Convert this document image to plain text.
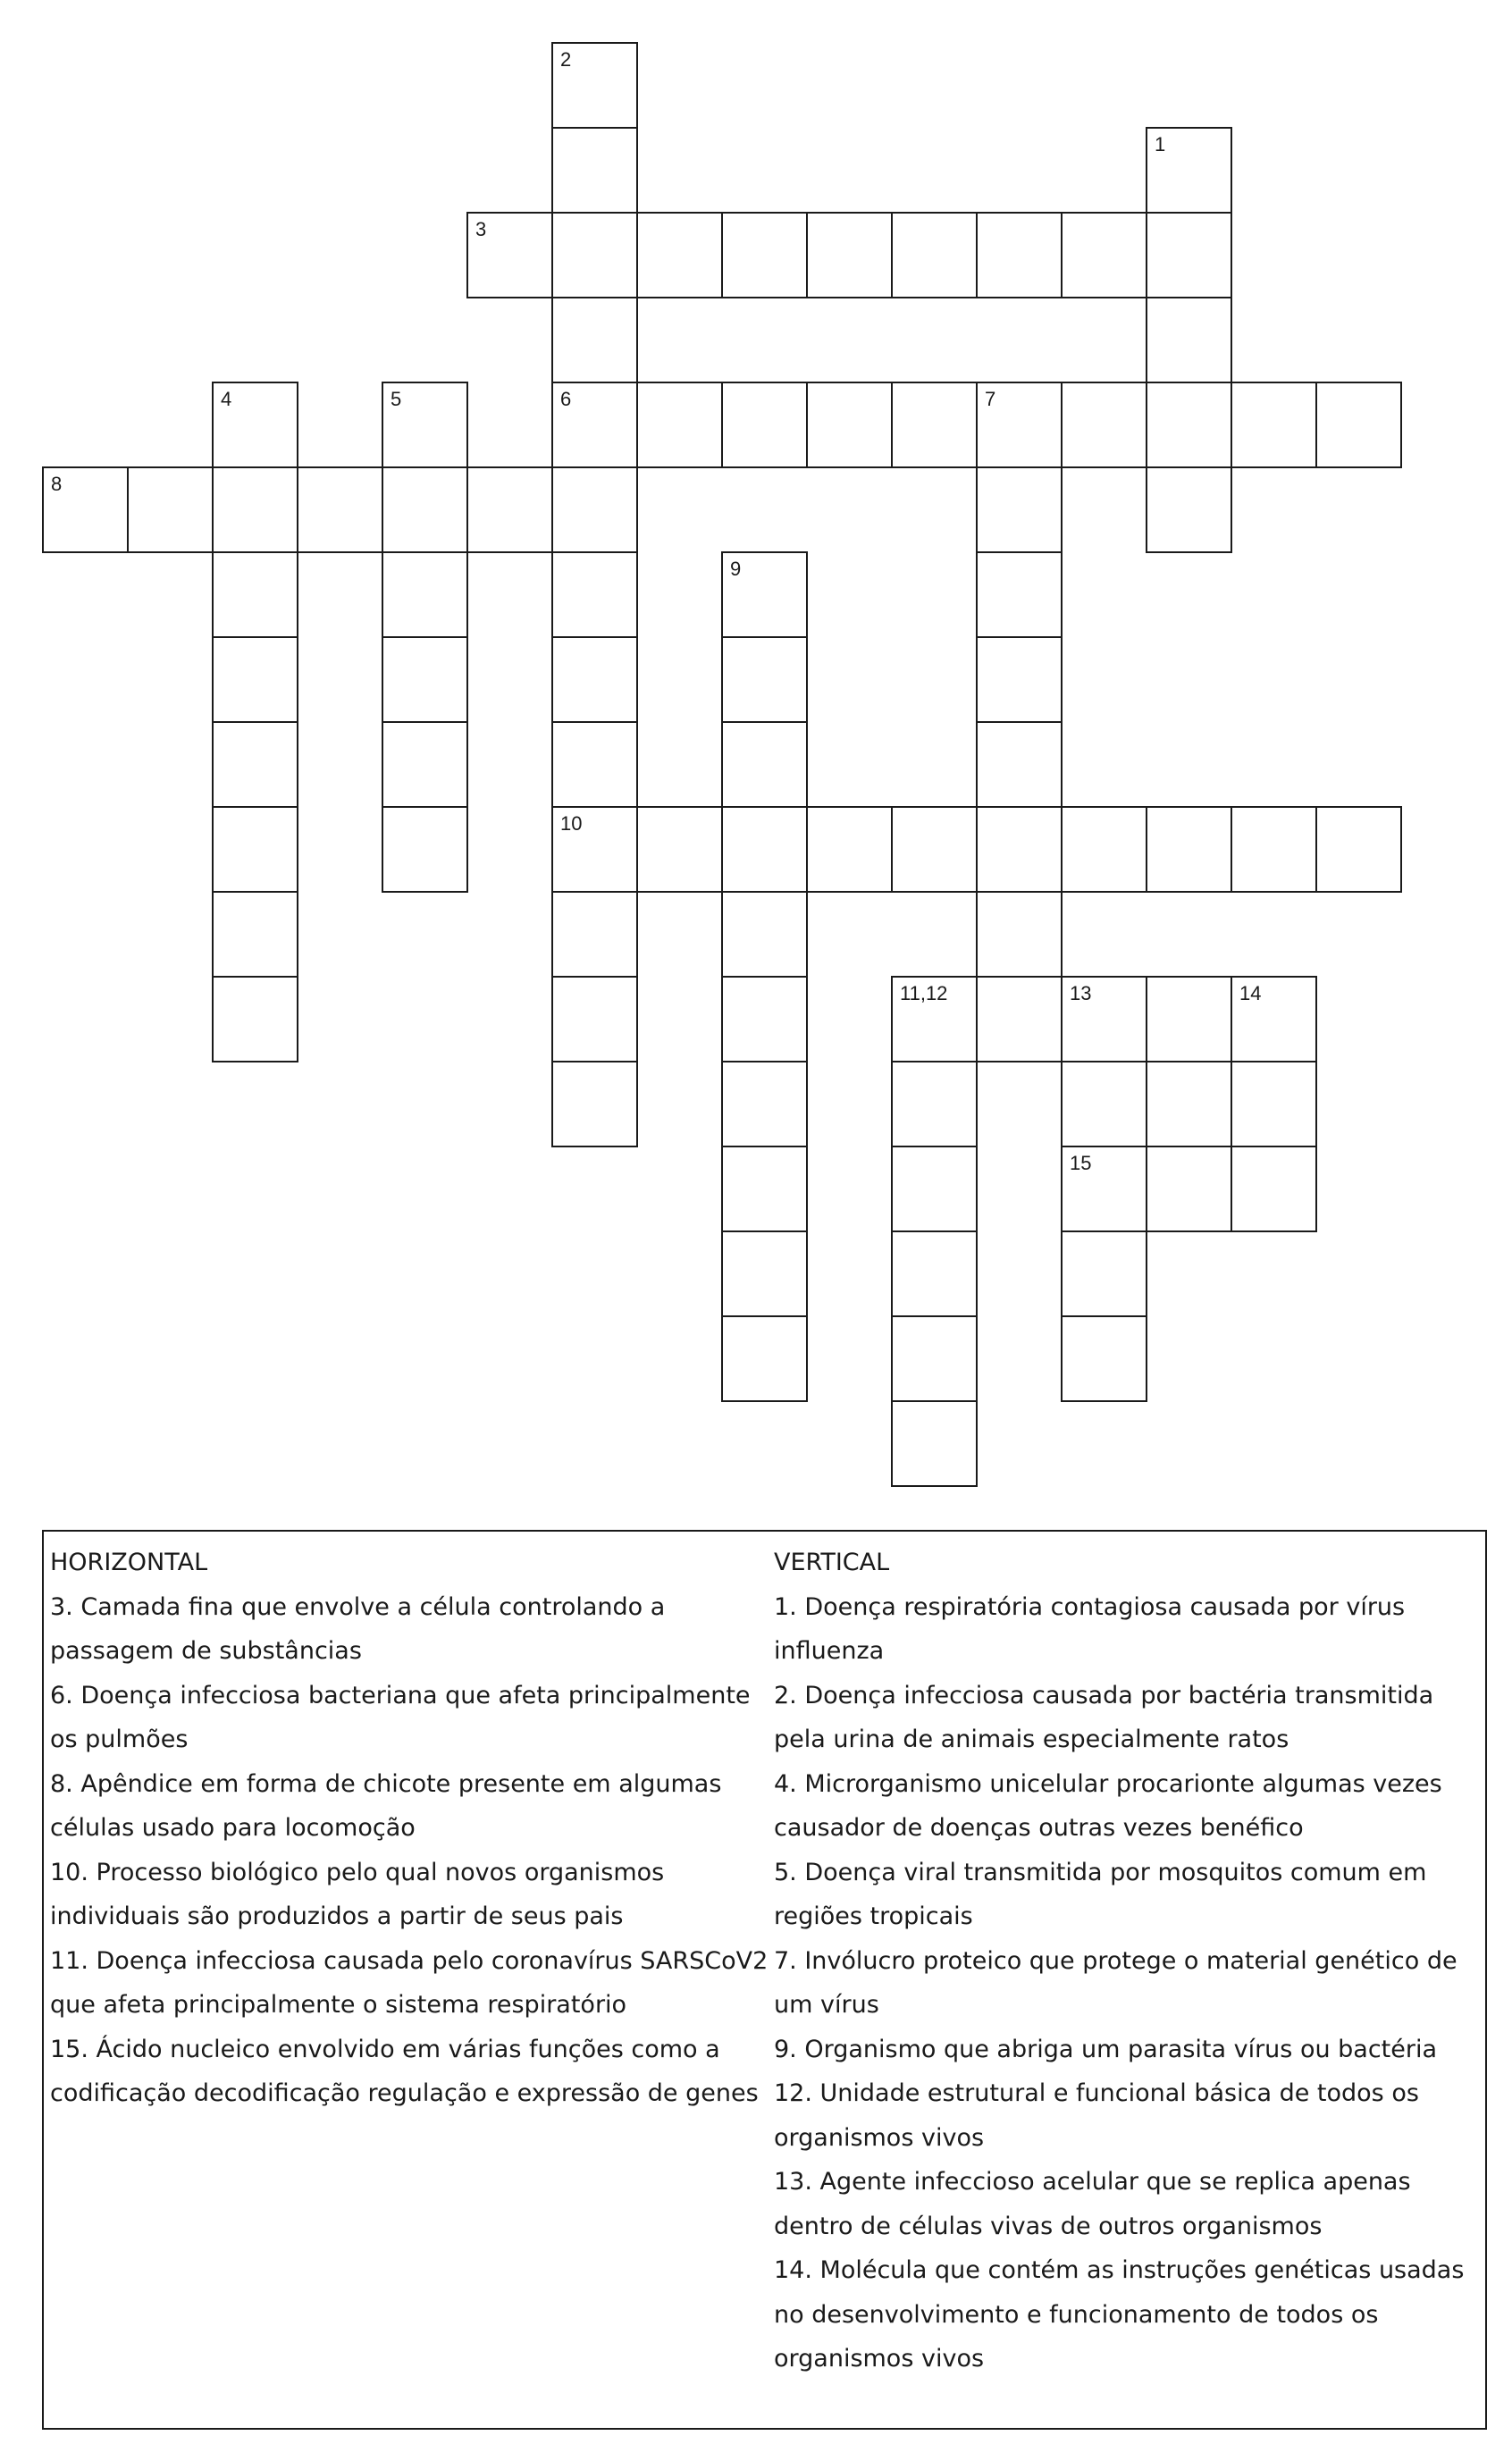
1
2
6
10
3
7
4	5
8
9
11,12	13	14
15
HORIZONTAL
3. Camada fina que envolve a célula controlando a passagem de substâncias
6. Doença infecciosa bacteriana que afeta principalmente os pulmões
8. Apêndice em forma de chicote presente em algumas células usado para locomoção
10. Processo biológico pelo qual novos organismos individuais são produzidos a partir de seus pais
11. Doença infecciosa causada pelo coronavírus SARSCoV2 que afeta principalmente o sistema respiratório
15. Ácido nucleico envolvido em várias funções como a codificação decodificação regulação e expressão de genes
VERTICAL
1. Doença respiratória contagiosa causada por vírus influenza
2. Doença infecciosa causada por bactéria transmitida pela urina de animais especialmente ratos
4. Microrganismo unicelular procarionte algumas vezes causador de doenças outras vezes benéfico
5. Doença viral transmitida por mosquitos comum em regiões tropicais
7. Invólucro proteico que protege o material genético de um vírus
9. Organismo que abriga um parasita vírus ou bactéria
12. Unidade estrutural e funcional básica de todos os organismos vivos
13. Agente infeccioso acelular que se replica apenas dentro de células vivas de outros organismos
14. Molécula que contém as instruções genéticas usadas no desenvolvimento e funcionamento de todos os organismos vivos
